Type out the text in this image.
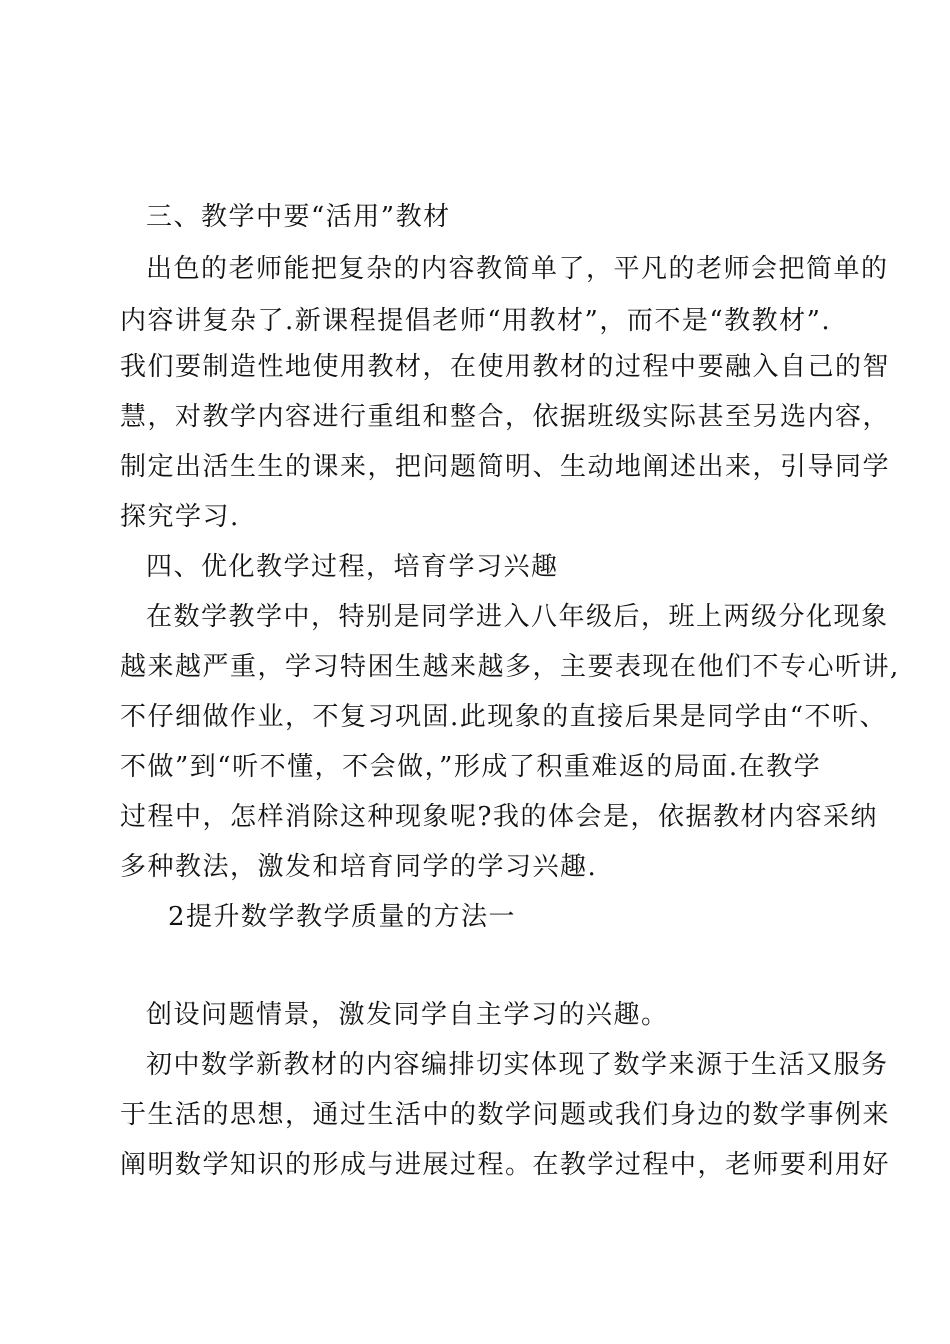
三、教学中要“活用”教材
出色的老师能把复杂的内容教简单了，平凡的老师会把简单的
内容讲复杂了.新课程提倡老师“用教材”，而不是“教教材”.
我们要制造性地使用教材，在使用教材的过程中要融入自己的智
慧，对教学内容进行重组和整合，依据班级实际甚至另选内容，
制定出活生生的课来，把问题简明、生动地阐述出来，引导同学
探究学习.
四、优化教学过程，培育学习兴趣
在数学教学中，特别是同学进入八年级后，班上两级分化现象
越来越严重，学习特困生越来越多，主要表现在他们不专心听讲,
不仔细做作业，不复习巩固.此现象的直接后果是同学由“不听、
不做”到“听不懂，不会做，”形成了积重难返的局面.在教学
过程中，怎样消除这种现象呢?我的体会是，依据教材内容采纳
多种教法，激发和培育同学的学习兴趣.
2提升数学教学质量的方法一
创设问题情景，激发同学自主学习的兴趣。
初中数学新教材的内容编排切实体现了数学来源于生活又服务
于生活的思想，通过生活中的数学问题或我们身边的数学事例来
阐明数学知识的形成与进展过程。在教学过程中，老师要利用好
